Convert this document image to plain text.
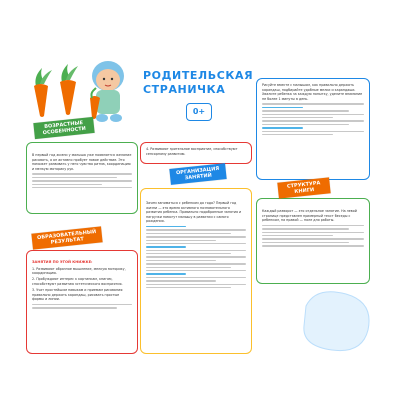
РОДИТЕЛЬСКАЯ
СТРАНИЧКА
0+
В первый год жизни у малыша уже появляется желание рисовать, а он активно пробует новое действие. Это поможет развивать у него чувство ритма, координацию и мелкую моторику рук.
ВОЗРАСТНЫЕ ОСОБЕННОСТИ
ЗАНЯТИЯ ПО ЭТОЙ КНИЖКЕ:
1. Развивают образное мышление, мелкую моторику, координацию.
2. Пробуждают интерес к картинкам, книгам, способствуют развитию эстетического восприятия.
3. Учат простейшим навыкам и приемам рисования: правильно держать карандаш, рисовать простые формы и линии.
ОБРАЗОВАТЕЛЬНЫЙ РЕЗУЛЬТАТ
4. Развивают зрительное восприятие, способствуют сенсорному развитию.
Зачем заниматься с ребенком до года? Первый год жизни — это время активного познавательного развития ребенка. Правильно подобранные занятия и нагрузки помогут малышу в развитии с самого рождения.
ОРГАНИЗАЦИЯ ЗАНЯТИЙ
Рисуйте вместе с малышом, как правильно держать карандаш, подбирайте удобные мелки и карандаши. Хвалите ребенка за каждую попытку, уделите внимание не более 1 минуты в день.
Каждый разворот — это отдельное занятие. На левой странице представлен примерный текст беседы с ребенком, на правой — поле для работы.
СТРУКТУРА КНИГИ
